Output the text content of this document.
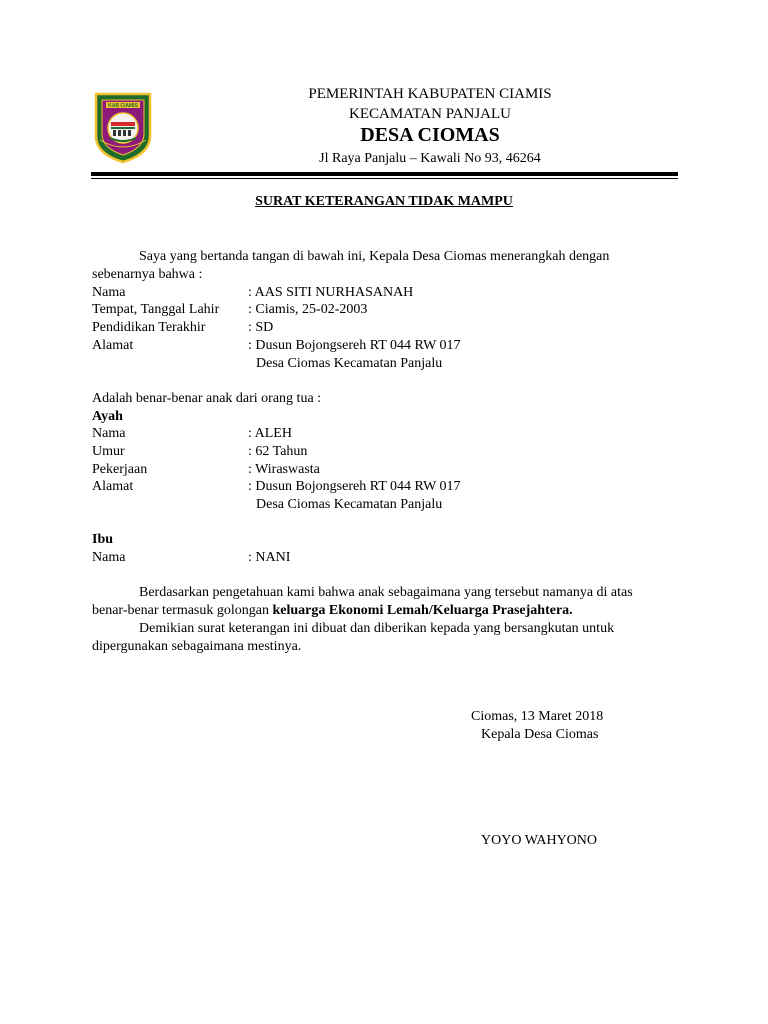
KAB CIAMIS
PEMERINTAH KABUPATEN CIAMIS
KECAMATAN PANJALU
DESA CIOMAS
Jl Raya Panjalu – Kawali No 93, 46264
SURAT KETERANGAN TIDAK MAMPU
Saya yang bertanda tangan di bawah ini, Kepala Desa Ciomas menerangkah dengan
sebenarnya bahwa :
Nama	: AAS SITI NURHASANAH
Tempat, Tanggal Lahir : Ciamis, 25-02-2003
Pendidikan Terakhir	: SD
Alamat	: Dusun Bojongsereh RT 044 RW 017
Desa Ciomas Kecamatan Panjalu
Adalah benar-benar anak dari orang tua :
Ayah
Nama	: ALEH
Umur	: 62 Tahun
Pekerjaan	: Wiraswasta
Alamat	: Dusun Bojongsereh RT 044 RW 017
Desa Ciomas Kecamatan Panjalu
Ibu
Nama	: NANI
Berdasarkan pengetahuan kami bahwa anak sebagaimana yang tersebut namanya di atas
benar-benar termasuk golongan keluarga Ekonomi Lemah/Keluarga Prasejahtera.
Demikian surat keterangan ini dibuat dan diberikan kepada yang bersangkutan untuk
dipergunakan sebagaimana mestinya.
Ciomas, 13 Maret 2018
Kepala Desa Ciomas
YOYO WAHYONO
